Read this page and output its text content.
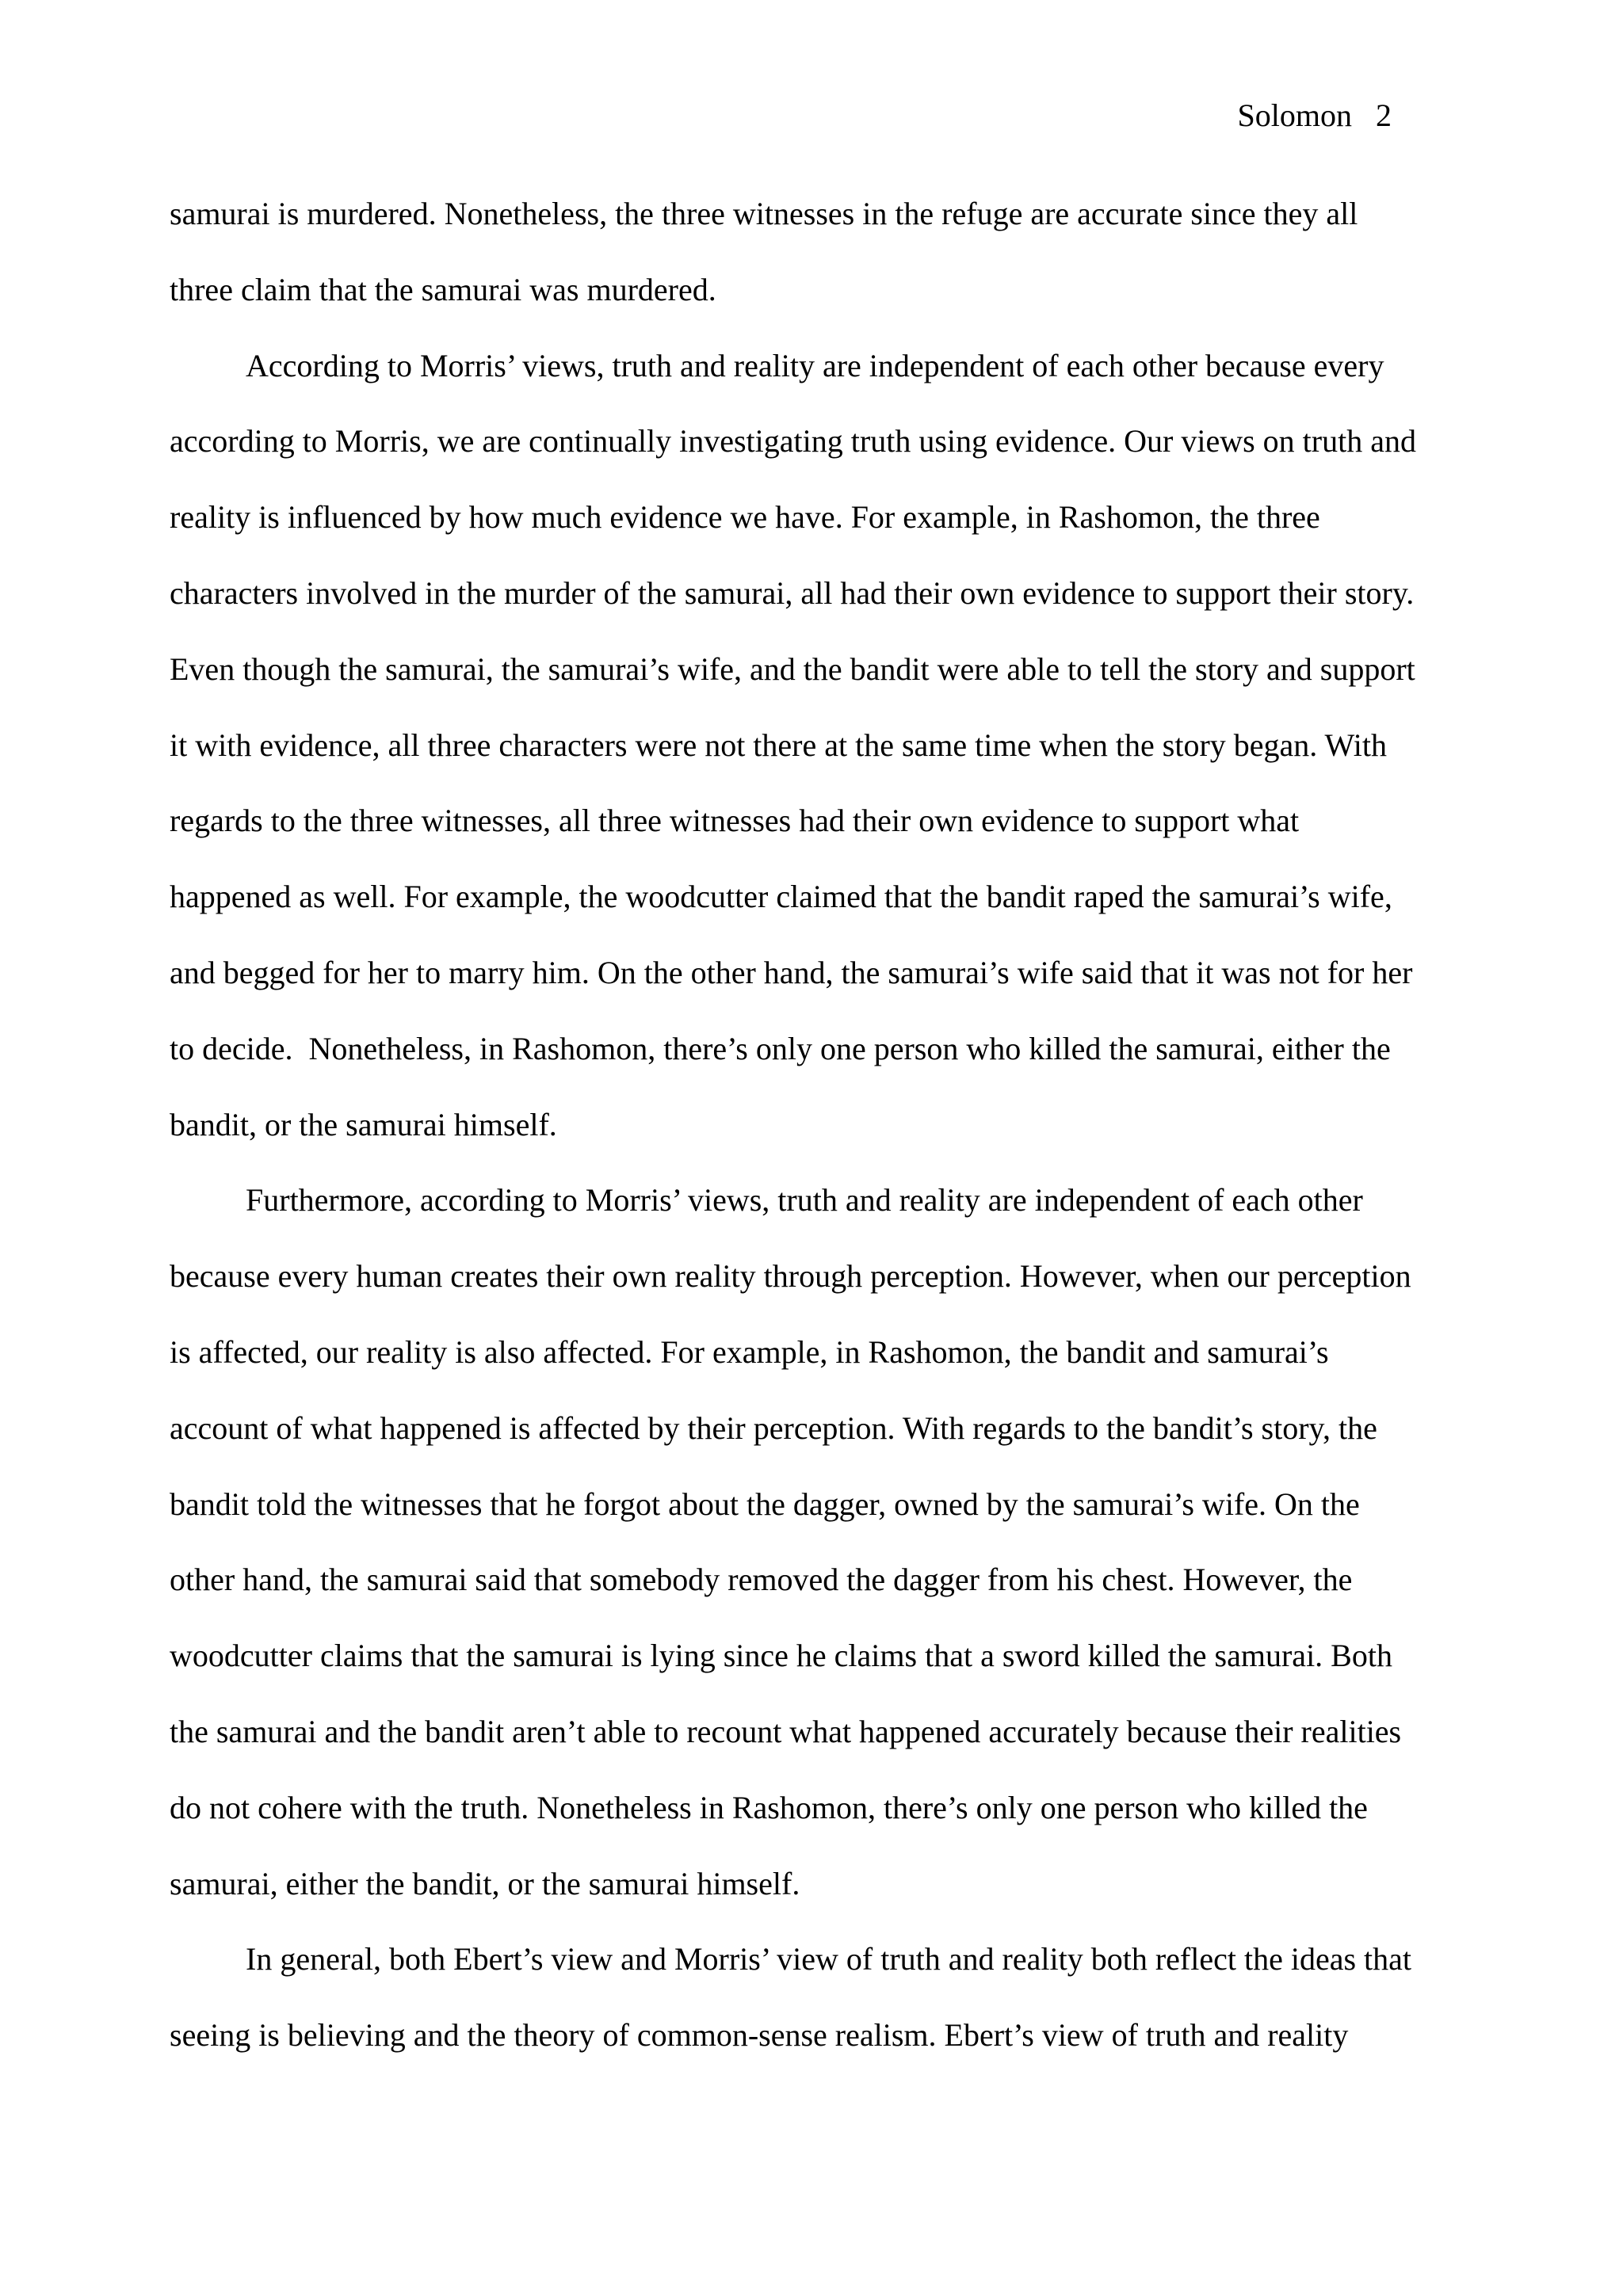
Solomon 2
samurai is murdered. Nonetheless, the three witnesses in the refuge are accurate since they all
three claim that the samurai was murdered.
According to Morris’ views, truth and reality are independent of each other because every
according to Morris, we are continually investigating truth using evidence. Our views on truth and
reality is influenced by how much evidence we have. For example, in Rashomon, the three
characters involved in the murder of the samurai, all had their own evidence to support their story.
Even though the samurai, the samurai’s wife, and the bandit were able to tell the story and support
it with evidence, all three characters were not there at the same time when the story began. With
regards to the three witnesses, all three witnesses had their own evidence to support what
happened as well. For example, the woodcutter claimed that the bandit raped the samurai’s wife,
and begged for her to marry him. On the other hand, the samurai’s wife said that it was not for her
to decide.  Nonetheless, in Rashomon, there’s only one person who killed the samurai, either the
bandit, or the samurai himself.
Furthermore, according to Morris’ views, truth and reality are independent of each other
because every human creates their own reality through perception. However, when our perception
is affected, our reality is also affected. For example, in Rashomon, the bandit and samurai’s
account of what happened is affected by their perception. With regards to the bandit’s story, the
bandit told the witnesses that he forgot about the dagger, owned by the samurai’s wife. On the
other hand, the samurai said that somebody removed the dagger from his chest. However, the
woodcutter claims that the samurai is lying since he claims that a sword killed the samurai. Both
the samurai and the bandit aren’t able to recount what happened accurately because their realities
do not cohere with the truth. Nonetheless in Rashomon, there’s only one person who killed the
samurai, either the bandit, or the samurai himself.
In general, both Ebert’s view and Morris’ view of truth and reality both reflect the ideas that
seeing is believing and the theory of common-sense realism. Ebert’s view of truth and reality
